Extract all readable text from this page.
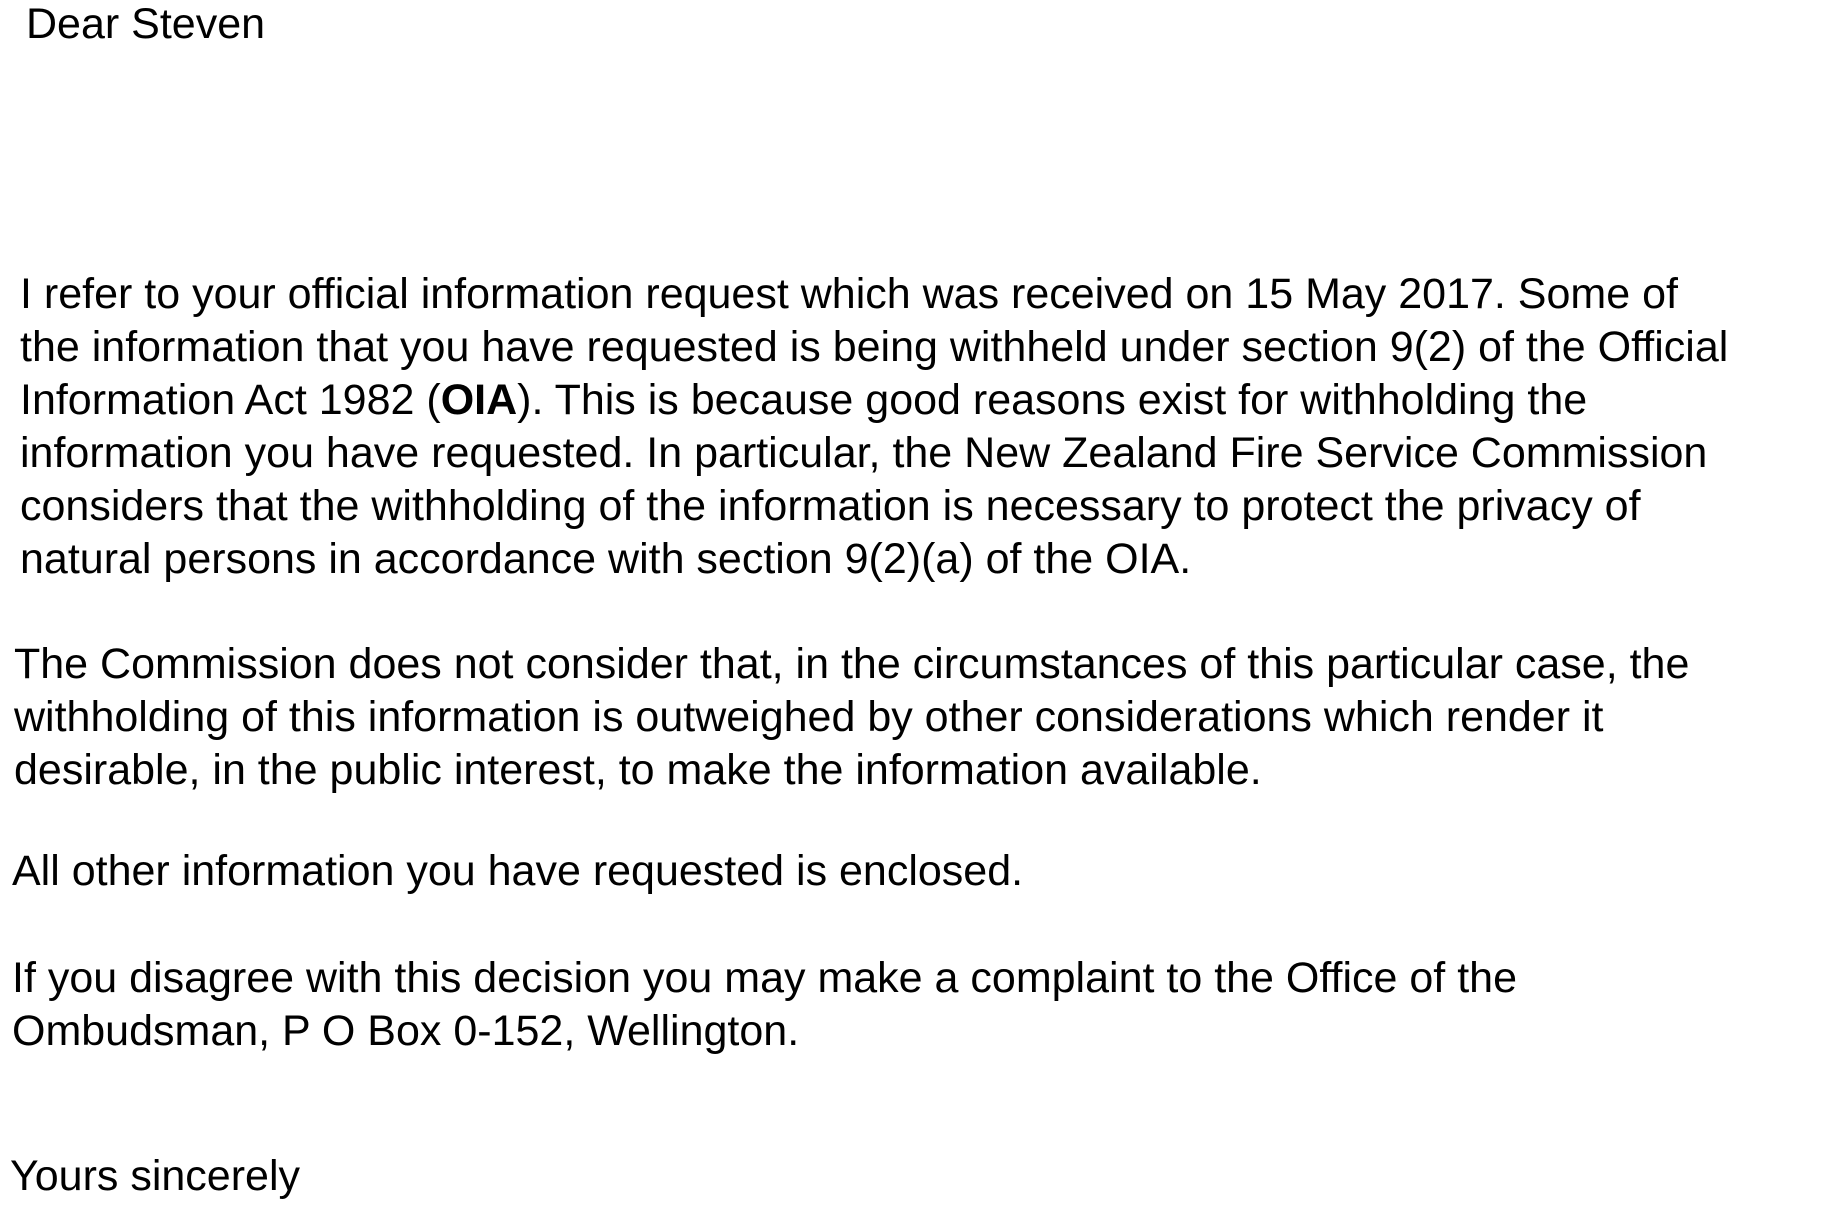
Dear Steven

I refer to your official information request which was received on 15 May 2017. Some of
the information that you have requested is being withheld under section 9(2) of the Official
Information Act 1982 (OIA). This is because good reasons exist for withholding the
information you have requested. In particular, the New Zealand Fire Service Commission
considers that the withholding of the information is necessary to protect the privacy of
natural persons in accordance with section 9(2)(a) of the OIA.
The Commission does not consider that, in the circumstances of this particular case, the
withholding of this information is outweighed by other considerations which render it
desirable, in the public interest, to make the information available.
All other information you have requested is enclosed.
If you disagree with this decision you may make a complaint to the Office of the
Ombudsman, P O Box 0-152, Wellington.

Yours sincerely
